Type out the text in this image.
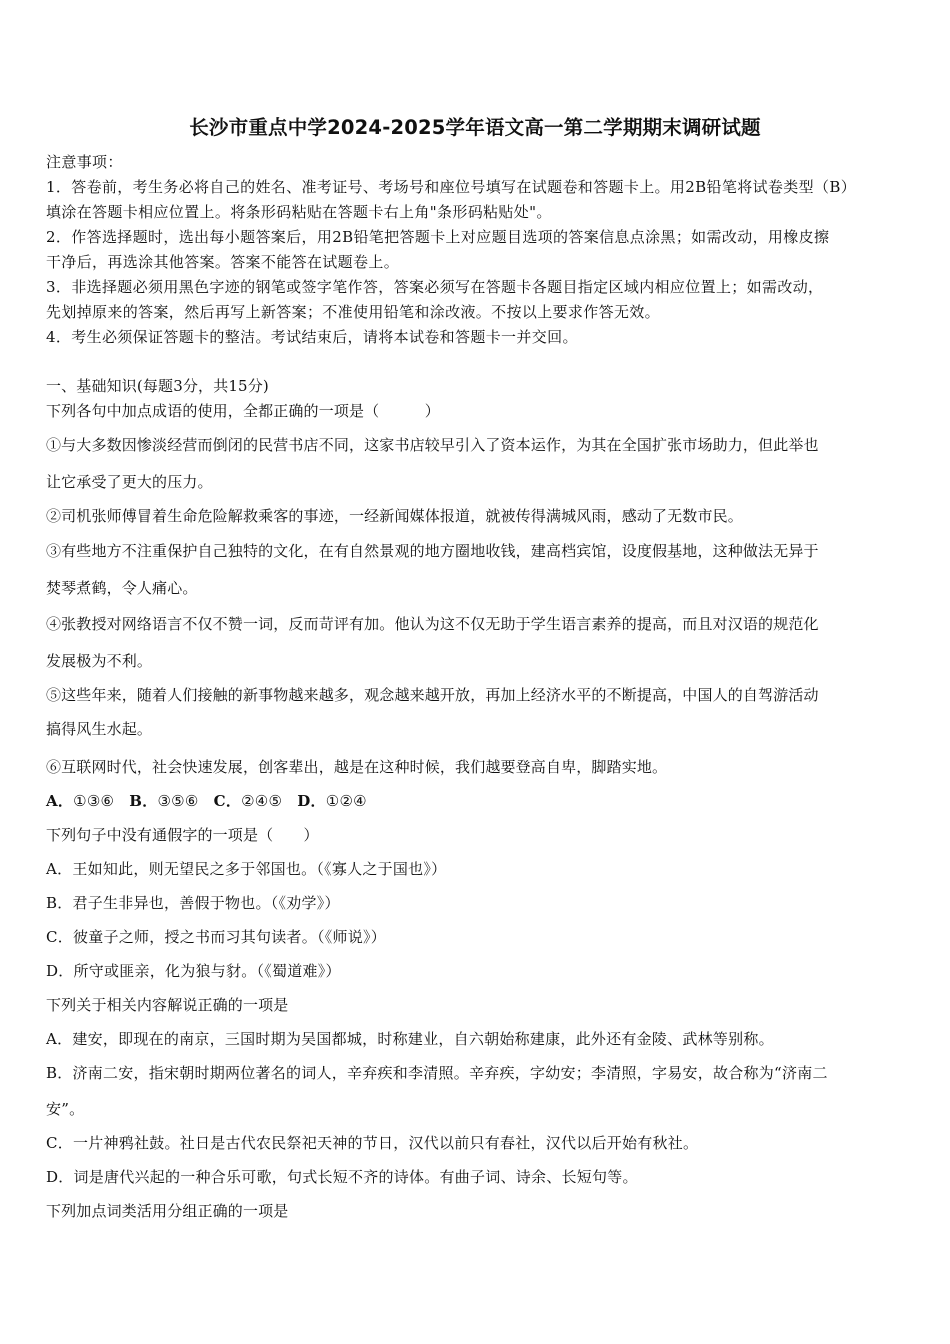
长沙市重点中学2024-2025学年语文高一第二学期期末调研试题
注意事项：
1．答卷前，考生务必将自己的姓名、准考证号、考场号和座位号填写在试题卷和答题卡上。用2B铅笔将试卷类型（B）
填涂在答题卡相应位置上。将条形码粘贴在答题卡右上角"条形码粘贴处"。
2．作答选择题时，选出每小题答案后，用2B铅笔把答题卡上对应题目选项的答案信息点涂黑；如需改动，用橡皮擦
干净后，再选涂其他答案。答案不能答在试题卷上。
3．非选择题必须用黑色字迹的钢笔或签字笔作答，答案必须写在答题卡各题目指定区域内相应位置上；如需改动，
先划掉原来的答案，然后再写上新答案；不准使用铅笔和涂改液。不按以上要求作答无效。
4．考生必须保证答题卡的整洁。考试结束后，请将本试卷和答题卡一并交回。
一、基础知识(每题3分，共15分)
下列各句中加点成语的使用，全都正确的一项是（　　　）
①与大多数因惨淡经营而倒闭的民营书店不同，这家书店较早引入了资本运作，为其在全国扩张市场助力，但此举也
让它承受了更大的压力。
②司机张师傅冒着生命危险解救乘客的事迹，一经新闻媒体报道，就被传得满城风雨，感动了无数市民。
③有些地方不注重保护自己独特的文化，在有自然景观的地方圈地收钱，建高档宾馆，设度假基地，这种做法无异于
焚琴煮鹤，令人痛心。
④张教授对网络语言不仅不赞一词，反而苛评有加。他认为这不仅无助于学生语言素养的提高，而且对汉语的规范化
发展极为不利。
⑤这些年来，随着人们接触的新事物越来越多，观念越来越开放，再加上经济水平的不断提高，中国人的自驾游活动
搞得风生水起。
⑥互联网时代，社会快速发展，创客辈出，越是在这种时候，我们越要登高自卑，脚踏实地。
A．①③⑥ B．③⑤⑥ C．②④⑤ D．①②④
下列句子中没有通假字的一项是（　　）
A．王如知此，则无望民之多于邻国也。（《寡人之于国也》）
B．君子生非异也，善假于物也。（《劝学》）
C．彼童子之师，授之书而习其句读者。（《师说》）
D．所守或匪亲，化为狼与豺。（《蜀道难》）
下列关于相关内容解说正确的一项是
A．建安，即现在的南京，三国时期为吴国都城，时称建业，自六朝始称建康，此外还有金陵、武林等别称。
B．济南二安，指宋朝时期两位著名的词人，辛弃疾和李清照。辛弃疾，字幼安；李清照，字易安，故合称为“济南二
安”。
C．一片神鸦社鼓。社日是古代农民祭祀天神的节日，汉代以前只有春社，汉代以后开始有秋社。
D．词是唐代兴起的一种合乐可歌，句式长短不齐的诗体。有曲子词、诗余、长短句等。
下列加点词类活用分组正确的一项是
